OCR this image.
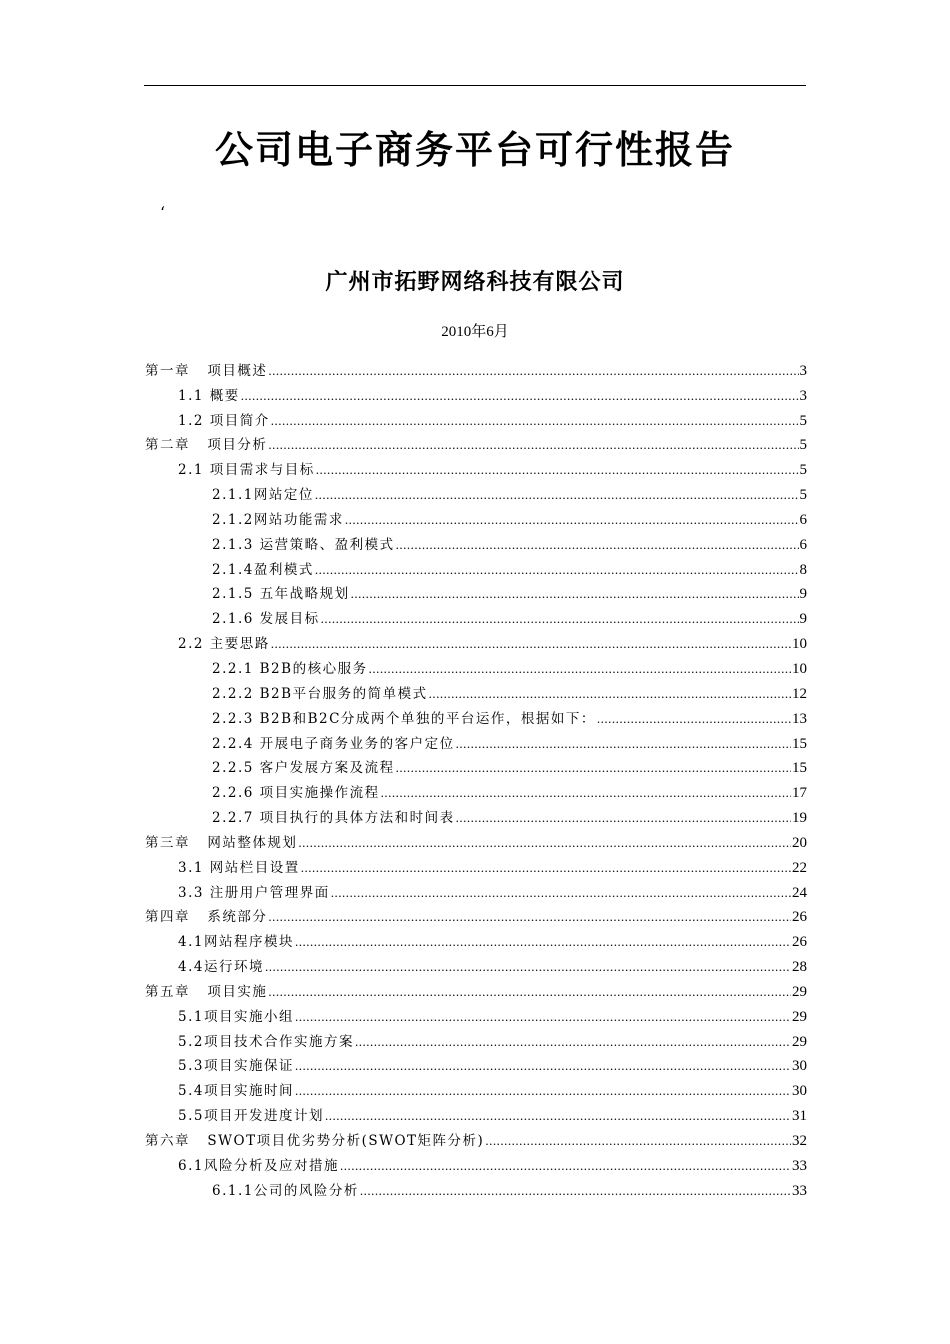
公司电子商务平台可行性报告
‘
广州市拓野网络科技有限公司
2010年6月
第一章   项目概述 .....	3
1.1 概要 .....	3
1.2 项目简介 .....	5
第二章   项目分析 .....	5
2.1 项目需求与目标 .....	5
2.1.1网站定位 .....	5
2.1.2网站功能需求 .....	6
2.1.3 运营策略、盈利模式 .....	6
2.1.4盈利模式 .....	8
2.1.5 五年战略规划 .....	9
2.1.6 发展目标 .....	9
2.2 主要思路 .....	10
2.2.1 B2B的核心服务 .....	10
2.2.2 B2B平台服务的简单模式 .....	12
2.2.3 B2B和B2C分成两个单独的平台运作，根据如下： .....	13
2.2.4 开展电子商务业务的客户定位 .....	15
2.2.5 客户发展方案及流程 .....	15
2.2.6 项目实施操作流程 .....	17
2.2.7 项目执行的具体方法和时间表 .....	19
第三章   网站整体规划 .....	20
3.1 网站栏目设置 .....	22
3.3 注册用户管理界面 .....	24
第四章   系统部分 .....	26
4.1网站程序模块 .....	26
4.4运行环境 .....	28
第五章   项目实施 .....	29
5.1项目实施小组 .....	29
5.2项目技术合作实施方案 .....	29
5.3项目实施保证 .....	30
5.4项目实施时间 .....	30
5.5项目开发进度计划 .....	31
第六章   SWOT项目优劣势分析(SWOT矩阵分析) .....	32
6.1风险分析及应对措施 .....	33
6.1.1公司的风险分析 .....	33
